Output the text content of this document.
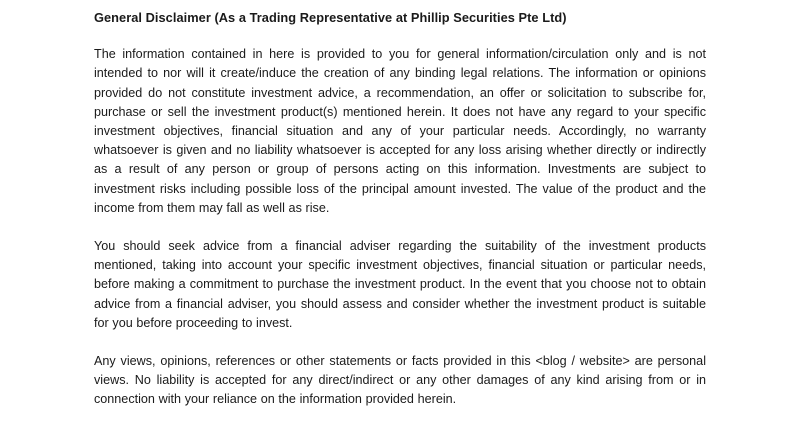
General Disclaimer (As a Trading Representative at Phillip Securities Pte Ltd)

The information contained in here is provided to you for general information/circulation only and is not intended to nor will it create/induce the creation of any binding legal relations. The information or opinions provided do not constitute investment advice, a recommendation, an offer or solicitation to subscribe for, purchase or sell the investment product(s) mentioned herein. It does not have any regard to your specific investment objectives, financial situation and any of your particular needs. Accordingly, no warranty whatsoever is given and no liability whatsoever is accepted for any loss arising whether directly or indirectly as a result of any person or group of persons acting on this information. Investments are subject to investment risks including possible loss of the principal amount invested. The value of the product and the income from them may fall as well as rise.

You should seek advice from a financial adviser regarding the suitability of the investment products mentioned, taking into account your specific investment objectives, financial situation or particular needs, before making a commitment to purchase the investment product. In the event that you choose not to obtain advice from a financial adviser, you should assess and consider whether the investment product is suitable for you before proceeding to invest.

Any views, opinions, references or other statements or facts provided in this <blog / website> are personal views. No liability is accepted for any direct/indirect or any other damages of any kind arising from or in connection with your reliance on the information provided herein.
